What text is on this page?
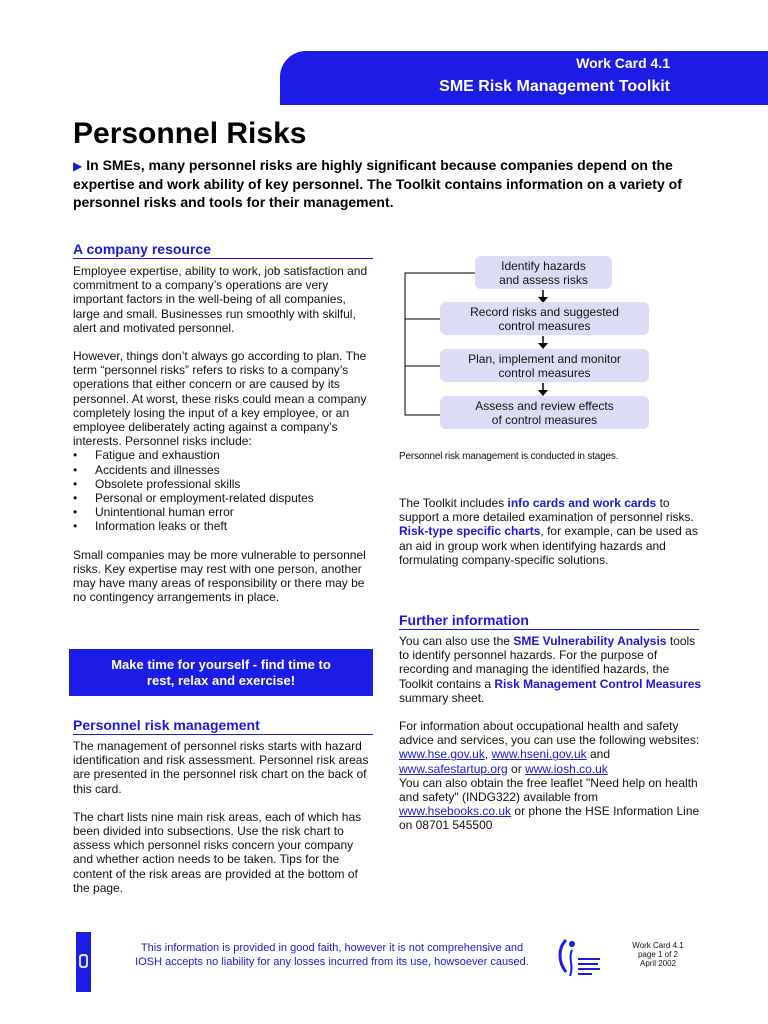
Work Card 4.1
SME Risk Management Toolkit
Personnel Risks
▶ In SMEs, many personnel risks are highly significant because companies depend on the expertise and work ability of key personnel. The Toolkit contains information on a variety of personnel risks and tools for their management.
A company resource

Employee expertise, ability to work, job satisfaction and commitment to a company’s operations are very important factors in the well-being of all companies, large and small. Businesses run smoothly with skilful, alert and motivated personnel.

However, things don’t always go according to plan. The term “personnel risks” refers to risks to a company’s operations that either concern or are caused by its personnel. At worst, these risks could mean a company completely losing the input of a key employee, or an employee deliberately acting against a company’s interests. Personnel risks include:

• Fatigue and exhaustion
• Accidents and illnesses
• Obsolete professional skills
• Personal or employment-related disputes
• Unintentional human error
• Information leaks or theft

Small companies may be more vulnerable to personnel risks. Key expertise may rest with one person, another may have many areas of responsibility or there may be no contingency arrangements in place.

Make time for yourself - find time to
rest, relax and exercise!
Personnel risk management

The management of personnel risks starts with hazard identification and risk assessment. Personnel risk areas are presented in the personnel risk chart on the back of this card.

The chart lists nine main risk areas, each of which has been divided into subsections. Use the risk chart to assess which personnel risks concern your company and whether action needs to be taken. Tips for the content of the risk areas are provided at the bottom of the page.

Identify hazards
and assess risks
Record risks and suggested
control measures
Plan, implement and monitor
control measures
Assess and review effects
of control measures
Personnel risk management is conducted in stages.
The Toolkit includes info cards and work cards to support a more detailed examination of personnel risks. Risk-type specific charts, for example, can be used as an aid in group work when identifying hazards and formulating company-specific solutions.
Further information

You can also use the SME Vulnerability Analysis tools to identify personnel hazards. For the purpose of recording and managing the identified hazards, the Toolkit contains a Risk Management Control Measures summary sheet.

For information about occupational health and safety advice and services, you can use the following websites: www.hse.gov.uk, www.hseni.gov.uk and www.safestartup.org or www.iosh.co.uk

You can also obtain the free leaflet "Need help on health and safety" (INDG322) available from www.hsebooks.co.uk or phone the HSE Information Line on 08701 545500

This information is provided in good faith, however it is not comprehensive and
IOSH accepts no liability for any losses incurred from its use, howsoever caused.
Work Card 4.1
page 1 of 2
April 2002
